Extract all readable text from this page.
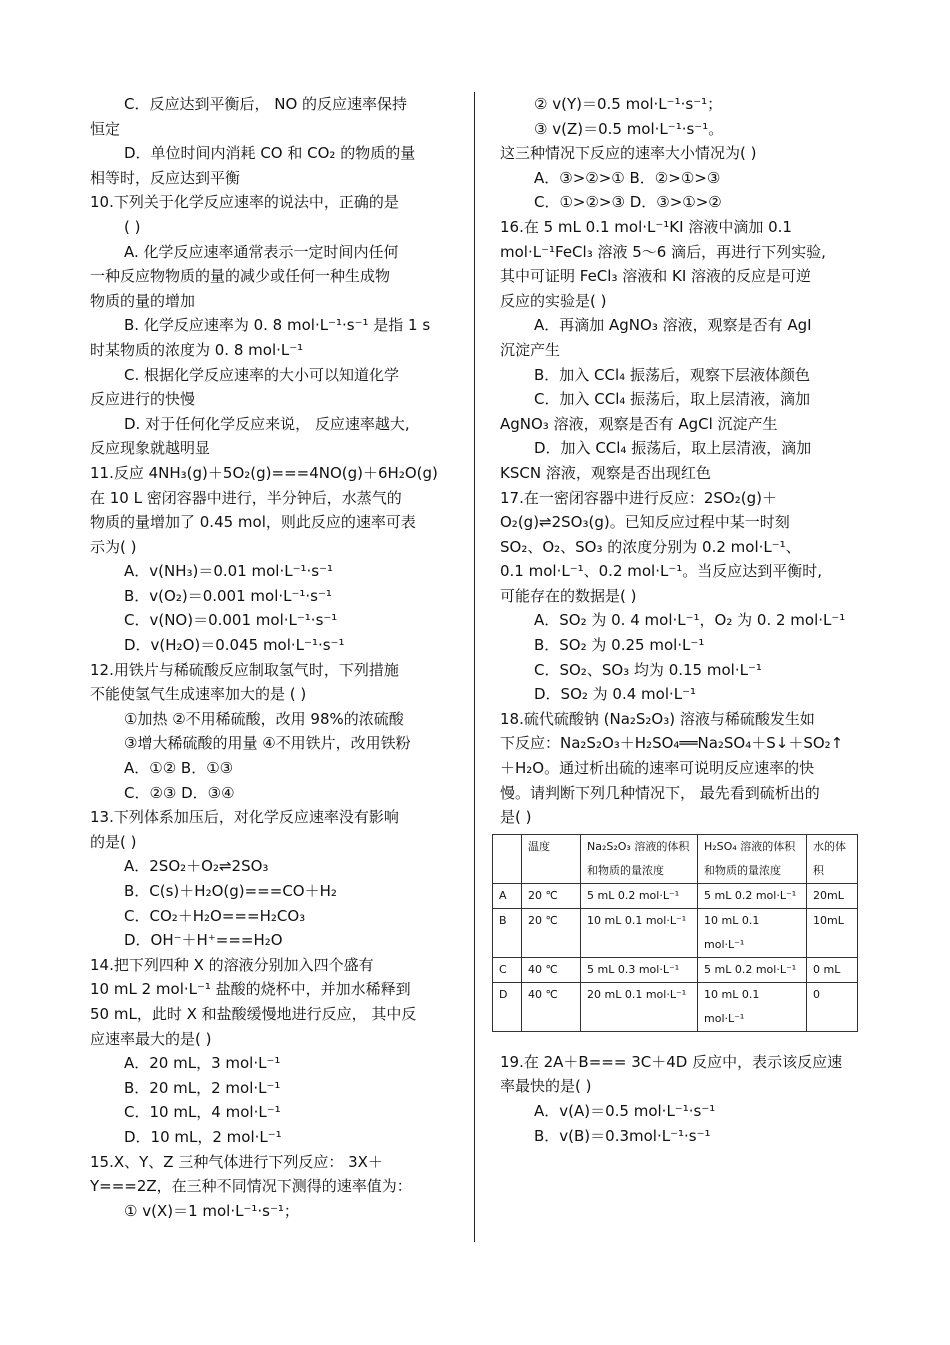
C．反应达到平衡后， NO 的反应速率保持
恒定
D．单位时间内消耗 CO 和 CO₂ 的物质的量
相等时，反应达到平衡
10.下列关于化学反应速率的说法中，正确的是
( )
A. 化学反应速率通常表示一定时间内任何
一种反应物物质的量的减少或任何一种生成物
物质的量的增加
B. 化学反应速率为 0. 8 mol·L⁻¹·s⁻¹ 是指 1 s
时某物质的浓度为 0. 8 mol·L⁻¹
C. 根据化学反应速率的大小可以知道化学
反应进行的快慢
D. 对于任何化学反应来说， 反应速率越大,
反应现象就越明显
11.反应 4NH₃(g)＋5O₂(g)===4NO(g)＋6H₂O(g)
在 10 L 密闭容器中进行，半分钟后，水蒸气的
物质的量增加了 0.45 mol，则此反应的速率可表
示为( )
A．v(NH₃)＝0.01 mol·L⁻¹·s⁻¹
B．v(O₂)＝0.001 mol·L⁻¹·s⁻¹
C．v(NO)＝0.001 mol·L⁻¹·s⁻¹
D．v(H₂O)＝0.045 mol·L⁻¹·s⁻¹
12.用铁片与稀硫酸反应制取氢气时，下列措施
不能使氢气生成速率加大的是 ( )
①加热 ②不用稀硫酸，改用 98%的浓硫酸
③增大稀硫酸的用量 ④不用铁片，改用铁粉
A．①② B．①③
C．②③ D．③④
13.下列体系加压后，对化学反应速率没有影响
的是( )
A．2SO₂＋O₂⇌2SO₃
B．C(s)＋H₂O(g)===CO＋H₂
C．CO₂＋H₂O===H₂CO₃
D．OH⁻＋H⁺===H₂O
14.把下列四种 X 的溶液分别加入四个盛有
10 mL 2 mol·L⁻¹ 盐酸的烧杯中，并加水稀释到
50 mL，此时 X 和盐酸缓慢地进行反应， 其中反
应速率最大的是( )
A．20 mL，3 mol·L⁻¹
B．20 mL，2 mol·L⁻¹
C．10 mL，4 mol·L⁻¹
D．10 mL，2 mol·L⁻¹
15.X、Y、Z 三种气体进行下列反应： 3X＋
Y===2Z，在三种不同情况下测得的速率值为：
① v(X)＝1 mol·L⁻¹·s⁻¹；
② v(Y)＝0.5 mol·L⁻¹·s⁻¹；
③ v(Z)＝0.5 mol·L⁻¹·s⁻¹。
这三种情况下反应的速率大小情况为( )
A．③>②>① B．②>①>③
C．①>②>③ D．③>①>②
16.在 5 mL 0.1 mol·L⁻¹KI 溶液中滴加 0.1
mol·L⁻¹FeCl₃ 溶液 5～6 滴后，再进行下列实验,
其中可证明 FeCl₃ 溶液和 KI 溶液的反应是可逆
反应的实验是( )
A．再滴加 AgNO₃ 溶液，观察是否有 AgI
沉淀产生
B．加入 CCl₄ 振荡后，观察下层液体颜色
C．加入 CCl₄ 振荡后，取上层清液，滴加
AgNO₃ 溶液，观察是否有 AgCl 沉淀产生
D．加入 CCl₄ 振荡后，取上层清液，滴加
KSCN 溶液，观察是否出现红色
17.在一密闭容器中进行反应：2SO₂(g)＋
O₂(g)⇌2SO₃(g)。已知反应过程中某一时刻
SO₂、O₂、SO₃ 的浓度分别为 0.2 mol·L⁻¹、
0.1 mol·L⁻¹、0.2 mol·L⁻¹。当反应达到平衡时,
可能存在的数据是( )
A．SO₂ 为 0. 4 mol·L⁻¹，O₂ 为 0. 2 mol·L⁻¹
B．SO₂ 为 0.25 mol·L⁻¹
C．SO₂、SO₃ 均为 0.15 mol·L⁻¹
D．SO₂ 为 0.4 mol·L⁻¹
18.硫代硫酸钠 (Na₂S₂O₃) 溶液与稀硫酸发生如
下反应：Na₂S₂O₃＋H₂SO₄══Na₂SO₄＋S↓＋SO₂↑
＋H₂O。通过析出硫的速率可说明反应速率的快
慢。请判断下列几种情况下， 最先看到硫析出的
是( )
	温度	Na₂S₂O₃ 溶液的体积和物质的量浓度	H₂SO₄ 溶液的体积和物质的量浓度	水的体积
A	20 ℃	5 mL 0.2 mol·L⁻¹	5 mL 0.2 mol·L⁻¹	20mL
B	20 ℃	10 mL 0.1 mol·L⁻¹	10 mL 0.1 mol·L⁻¹	10mL
C	40 ℃	5 mL 0.3 mol·L⁻¹	5 mL 0.2 mol·L⁻¹	0 mL
D	40 ℃	20 mL 0.1 mol·L⁻¹	10 mL 0.1 mol·L⁻¹	0
19.在 2A＋B=== 3C＋4D 反应中，表示该反应速
率最快的是( )
A．v(A)＝0.5 mol·L⁻¹·s⁻¹
B．v(B)＝0.3mol·L⁻¹·s⁻¹
